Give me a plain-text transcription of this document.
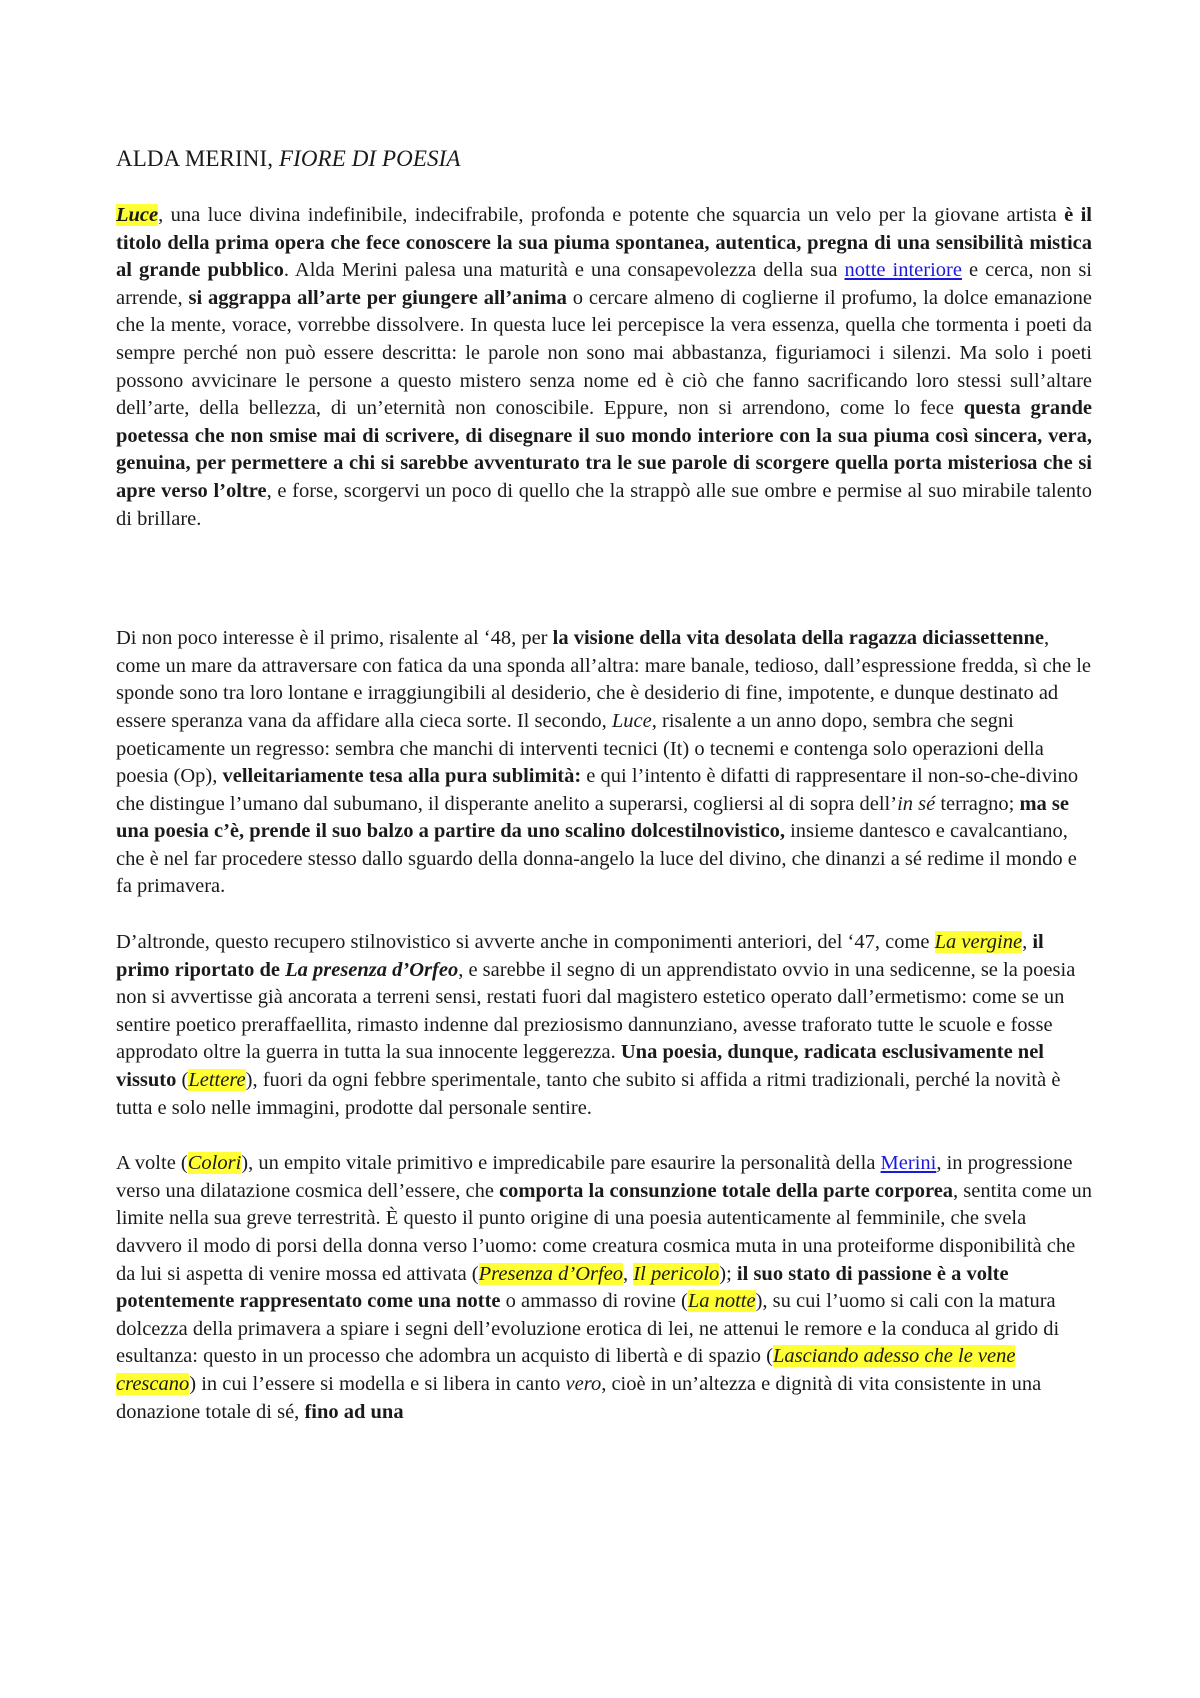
ALDA MERINI, FIORE DI POESIA

Luce, una luce divina indefinibile, indecifrabile, profonda e potente che squarcia un velo per la giovane artista è il titolo della prima opera che fece conoscere la sua piuma spontanea, autentica, pregna di una sensibilità mistica al grande pubblico. Alda Merini palesa una maturità e una consapevolezza della sua notte interiore e cerca, non si arrende, si aggrappa all’arte per giungere all’anima o cercare almeno di coglierne il profumo, la dolce emanazione che la mente, vorace, vorrebbe dissolvere. In questa luce lei percepisce la vera essenza, quella che tormenta i poeti da sempre perché non può essere descritta: le parole non sono mai abbastanza, figuriamoci i silenzi. Ma solo i poeti possono avvicinare le persone a questo mistero senza nome ed è ciò che fanno sacrificando loro stessi sull’altare dell’arte, della bellezza, di un’eternità non conoscibile. Eppure, non si arrendono, come lo fece questa grande poetessa che non smise mai di scrivere, di disegnare il suo mondo interiore con la sua piuma così sincera, vera, genuina, per permettere a chi si sarebbe avventurato tra le sue parole di scorgere quella porta misteriosa che si apre verso l’oltre, e forse, scorgervi un poco di quello che la strappò alle sue ombre e permise al suo mirabile talento di brillare.

Di non poco interesse è il primo, risalente al ‘48, per la visione della vita desolata della ragazza diciassettenne, come un mare da attraversare con fatica da una sponda all’altra: mare banale, tedioso, dall’espressione fredda, sì che le sponde sono tra loro lontane e irraggiungibili al desiderio, che è desiderio di fine, impotente, e dunque destinato ad essere speranza vana da affidare alla cieca sorte. Il secondo, Luce, risalente a un anno dopo, sembra che segni poeticamente un regresso: sembra che manchi di interventi tecnici (It) o tecnemi e contenga solo operazioni della poesia (Op), velleitariamente tesa alla pura sublimità: e qui l’intento è difatti di rappresentare il non-so-che-divino che distingue l’umano dal subumano, il disperante anelito a superarsi, cogliersi al di sopra dell’in sé terragno; ma se una poesia c’è, prende il suo balzo a partire da uno scalino dolcestilnovistico, insieme dantesco e cavalcantiano, che è nel far procedere stesso dallo sguardo della donna-angelo la luce del divino, che dinanzi a sé redime il mondo e fa primavera.

D’altronde, questo recupero stilnovistico si avverte anche in componimenti anteriori, del ‘47, come La vergine, il primo riportato de La presenza d’Orfeo, e sarebbe il segno di un apprendistato ovvio in una sedicenne, se la poesia non si avvertisse già ancorata a terreni sensi, restati fuori dal magistero estetico operato dall’ermetismo: come se un sentire poetico preraffaellita, rimasto indenne dal preziosismo dannunziano, avesse traforato tutte le scuole e fosse approdato oltre la guerra in tutta la sua innocente leggerezza. Una poesia, dunque, radicata esclusivamente nel vissuto (Lettere), fuori da ogni febbre sperimentale, tanto che subito si affida a ritmi tradizionali, perché la novità è tutta e solo nelle immagini, prodotte dal personale sentire.

A volte (Colori), un empito vitale primitivo e impredicabile pare esaurire la personalità della Merini, in progressione verso una dilatazione cosmica dell’essere, che comporta la consunzione totale della parte corporea, sentita come un limite nella sua greve terrestrità. È questo il punto origine di una poesia autenticamente al femminile, che svela davvero il modo di porsi della donna verso l’uomo: come creatura cosmica muta in una proteiforme disponibilità che da lui si aspetta di venire mossa ed attivata (Presenza d’Orfeo, Il pericolo); il suo stato di passione è a volte potentemente rappresentato come una notte o ammasso di rovine (La notte), su cui l’uomo si cali con la matura dolcezza della primavera a spiare i segni dell’evoluzione erotica di lei, ne attenui le remore e la conduca al grido di esultanza: questo in un processo che adombra un acquisto di libertà e di spazio (Lasciando adesso che le vene crescano) in cui l’essere si modella e si libera in canto vero, cioè in un’altezza e dignità di vita consistente in una donazione totale di sé, fino ad una
